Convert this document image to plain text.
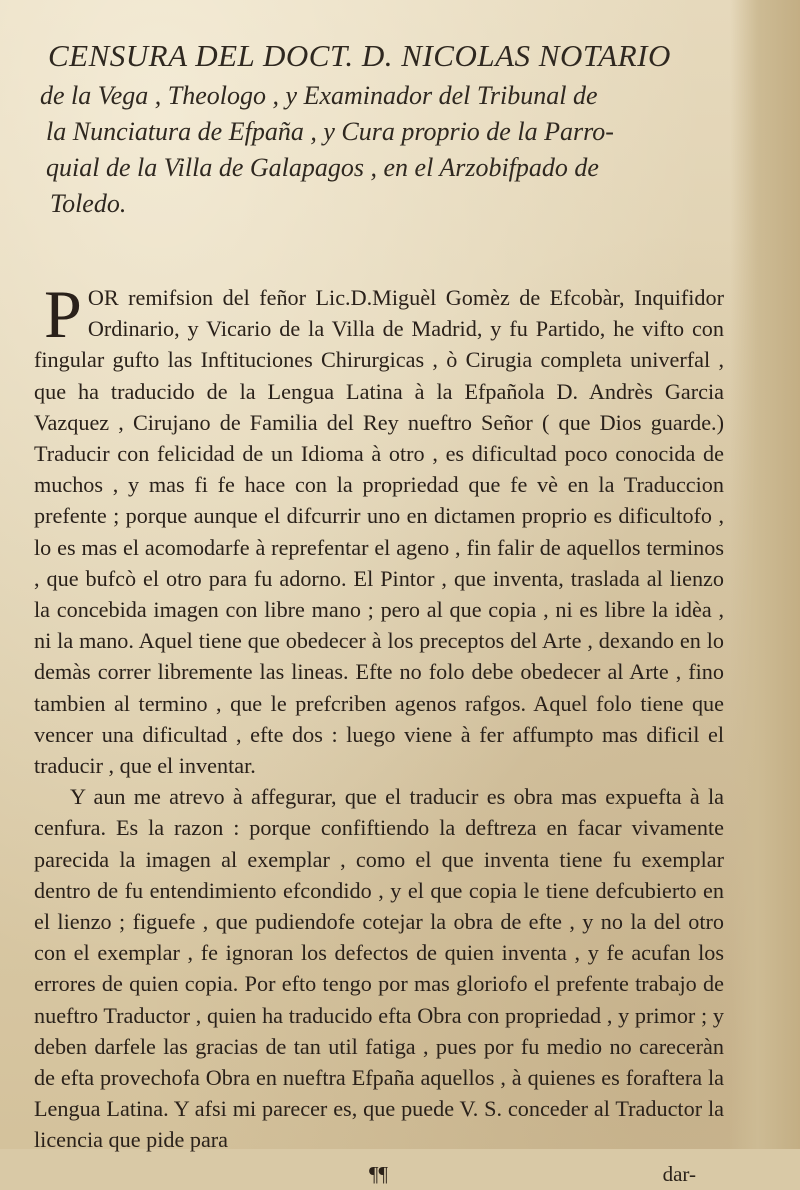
CENSURA DEL DOCT. D. NICOLAS NOTARIO
de la Vega , Theologo , y Examinador del Tribunal de
la Nunciatura de Efpaña , y Cura proprio de la Parro-
quial de la Villa de Galapagos , en el Arzobifpado de
Toledo.

POR remifsion del feñor Lic.D.Miguèl Gomèz de Efcobàr, Inquifidor Ordinario, y Vicario de la Villa de Madrid, y fu Partido, he vifto con fingular gufto las Inftituciones Chirurgicas , ò Cirugia completa univerfal , que ha traducido de la Lengua Latina à la Efpañola D. Andrès Garcia Vazquez , Cirujano de Familia del Rey nueftro Señor ( que Dios guarde.) Traducir con felicidad de un Idioma à otro , es dificultad poco conocida de muchos , y mas fi fe hace con la propriedad que fe vè en la Traduccion prefente ; porque aunque el difcurrir uno en dictamen proprio es dificultofo , lo es mas el acomodarfe à reprefentar el ageno , fin falir de aquellos terminos , que bufcò el otro para fu adorno. El Pintor , que inventa, traslada al lienzo la concebida imagen con libre mano ; pero al que copia , ni es libre la idèa , ni la mano. Aquel tiene que obedecer à los preceptos del Arte , dexando en lo demàs correr libremente las lineas. Efte no folo debe obedecer al Arte , fino tambien al termino , que le prefcriben agenos rafgos. Aquel folo tiene que vencer una dificultad , efte dos : luego viene à fer affumpto mas dificil el traducir , que el inventar.

Y aun me atrevo à affegurar, que el traducir es obra mas expuefta à la cenfura. Es la razon : porque confiftiendo la deftreza en facar vivamente parecida la imagen al exemplar , como el que inventa tiene fu exemplar dentro de fu entendimiento efcondido , y el que copia le tiene defcubierto en el lienzo ; figuefe , que pudiendofe cotejar la obra de efte , y no la del otro con el exemplar , fe ignoran los defectos de quien inventa , y fe acufan los errores de quien copia. Por efto tengo por mas gloriofo el prefente trabajo de nueftro Traductor , quien ha traducido efta Obra con propriedad , y primor ; y deben darfele las gracias de tan util fatiga , pues por fu medio no careceràn de efta provechofa Obra en nueftra Efpaña aquellos , à quienes es foraftera la Lengua Latina. Y afsi mi parecer es, que puede V. S. conceder al Traductor la licencia que pide para

¶¶	dar-
